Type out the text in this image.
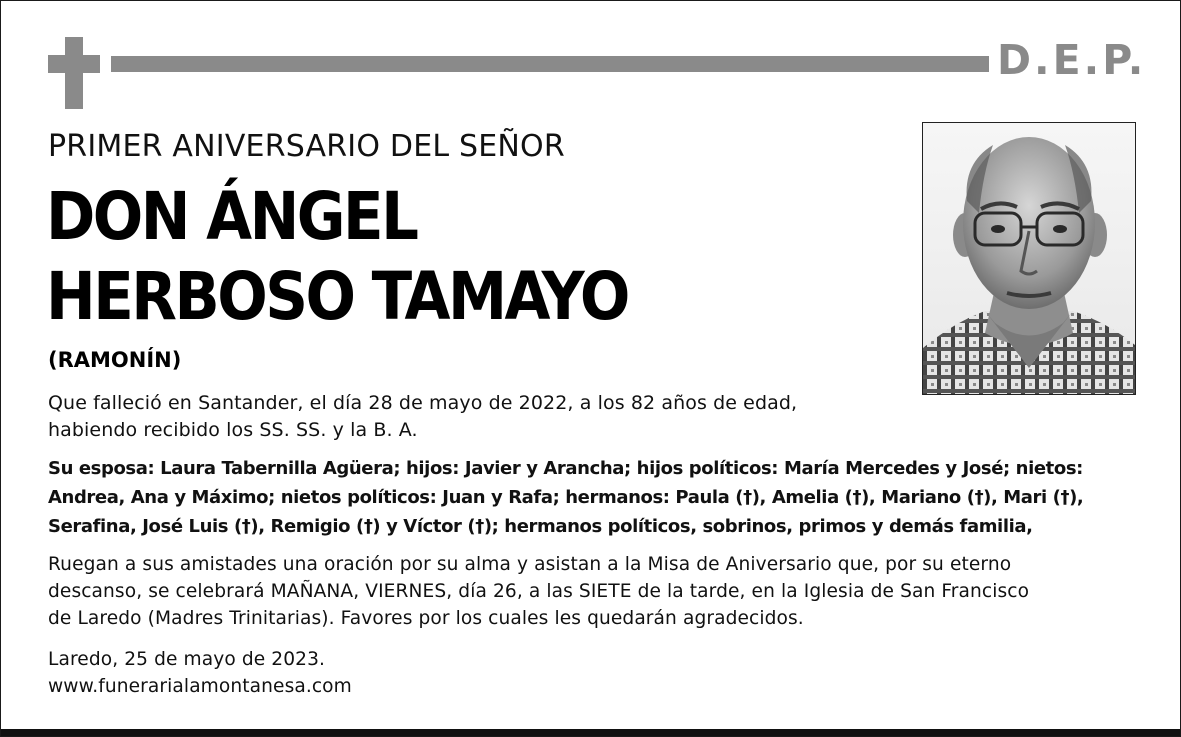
D.E.P.
PRIMER ANIVERSARIO DEL SEÑOR
DON ÁNGEL
HERBOSO TAMAYO
(RAMONÍN)
Que falleció en Santander, el día 28 de mayo de 2022, a los 82 años de edad,
habiendo recibido los SS. SS. y la B. A.
Su esposa: Laura Tabernilla Agüera; hijos: Javier y Arancha; hijos políticos: María Mercedes y José; nietos:
Andrea, Ana y Máximo; nietos políticos: Juan y Rafa; hermanos: Paula (†), Amelia (†), Mariano (†), Mari (†),
Serafina, José Luis (†), Remigio (†) y Víctor (†); hermanos políticos, sobrinos, primos y demás familia,
Ruegan a sus amistades una oración por su alma y asistan a la Misa de Aniversario que, por su eterno
descanso, se celebrará MAÑANA, VIERNES, día 26, a las SIETE de la tarde, en la Iglesia de San Francisco
de Laredo (Madres Trinitarias). Favores por los cuales les quedarán agradecidos.
Laredo, 25 de mayo de 2023.
www.funerarialamontanesa.com
